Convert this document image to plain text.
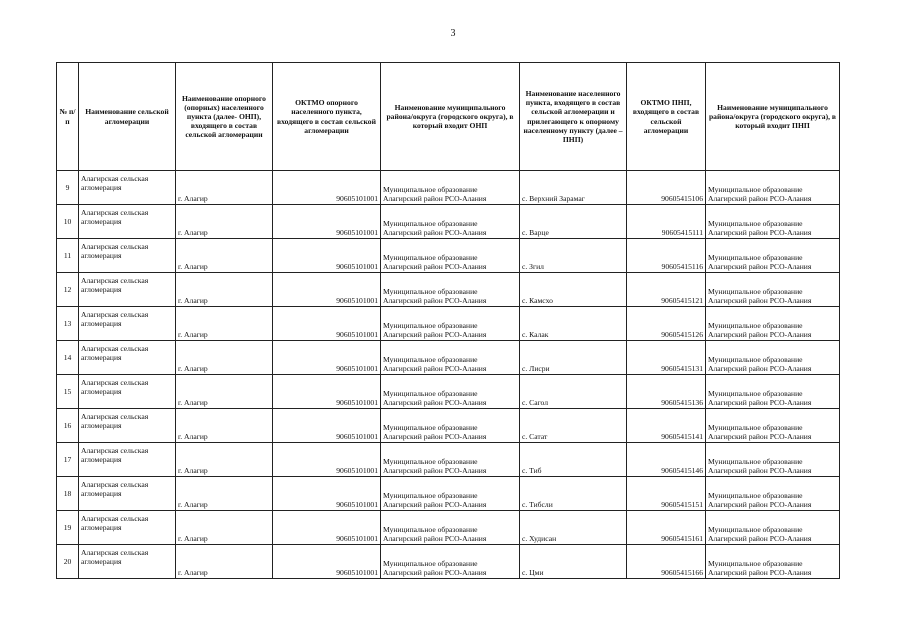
3
№ п/п	Наименование сельской агломерации	Наименование опорного (опорных) населенного пункта (далее- ОНП), входящего в состав сельской агломерации	ОКТМО опорного населенного пункта, входящего в состав сельской агломерации	Наименование муниципального района/округа (городского округа), в который входит ОНП	Наименование населенного пункта, входящего в состав сельской агломерации и прилегающего к опорному населенному пункту (далее – ПНП)	ОКТМО ПНП, входящего в состав сельской агломерации	Наименование муниципального района/округа (городского округа), в который входит ПНП
9	Алагирская сельская агломерация	г. Алагир	90605101001	Муниципальное образование Алагирский район РСО-Алания	с. Верхний Зарамаг	90605415106	Муниципальное образование Алагирский район РСО-Алания
10	Алагирская сельская агломерация	г. Алагир	90605101001	Муниципальное образование Алагирский район РСО-Алания	с. Варце	90605415111	Муниципальное образование Алагирский район РСО-Алания
11	Алагирская сельская агломерация	г. Алагир	90605101001	Муниципальное образование Алагирский район РСО-Алания	с. Згил	90605415116	Муниципальное образование Алагирский район РСО-Алания
12	Алагирская сельская агломерация	г. Алагир	90605101001	Муниципальное образование Алагирский район РСО-Алания	с. Камсхо	90605415121	Муниципальное образование Алагирский район РСО-Алания
13	Алагирская сельская агломерация	г. Алагир	90605101001	Муниципальное образование Алагирский район РСО-Алания	с. Калак	90605415126	Муниципальное образование Алагирский район РСО-Алания
14	Алагирская сельская агломерация	г. Алагир	90605101001	Муниципальное образование Алагирский район РСО-Алания	с. Лисри	90605415131	Муниципальное образование Алагирский район РСО-Алания
15	Алагирская сельская агломерация	г. Алагир	90605101001	Муниципальное образование Алагирский район РСО-Алания	с. Сагол	90605415136	Муниципальное образование Алагирский район РСО-Алания
16	Алагирская сельская агломерация	г. Алагир	90605101001	Муниципальное образование Алагирский район РСО-Алания	с. Сатат	90605415141	Муниципальное образование Алагирский район РСО-Алания
17	Алагирская сельская агломерация	г. Алагир	90605101001	Муниципальное образование Алагирский район РСО-Алания	с. Тиб	90605415146	Муниципальное образование Алагирский район РСО-Алания
18	Алагирская сельская агломерация	г. Алагир	90605101001	Муниципальное образование Алагирский район РСО-Алания	с. Тибсли	90605415151	Муниципальное образование Алагирский район РСО-Алания
19	Алагирская сельская агломерация	г. Алагир	90605101001	Муниципальное образование Алагирский район РСО-Алания	с. Худисан	90605415161	Муниципальное образование Алагирский район РСО-Алания
20	Алагирская сельская агломерация	г. Алагир	90605101001	Муниципальное образование Алагирский район РСО-Алания	с. Цми	90605415166	Муниципальное образование Алагирский район РСО-Алания
